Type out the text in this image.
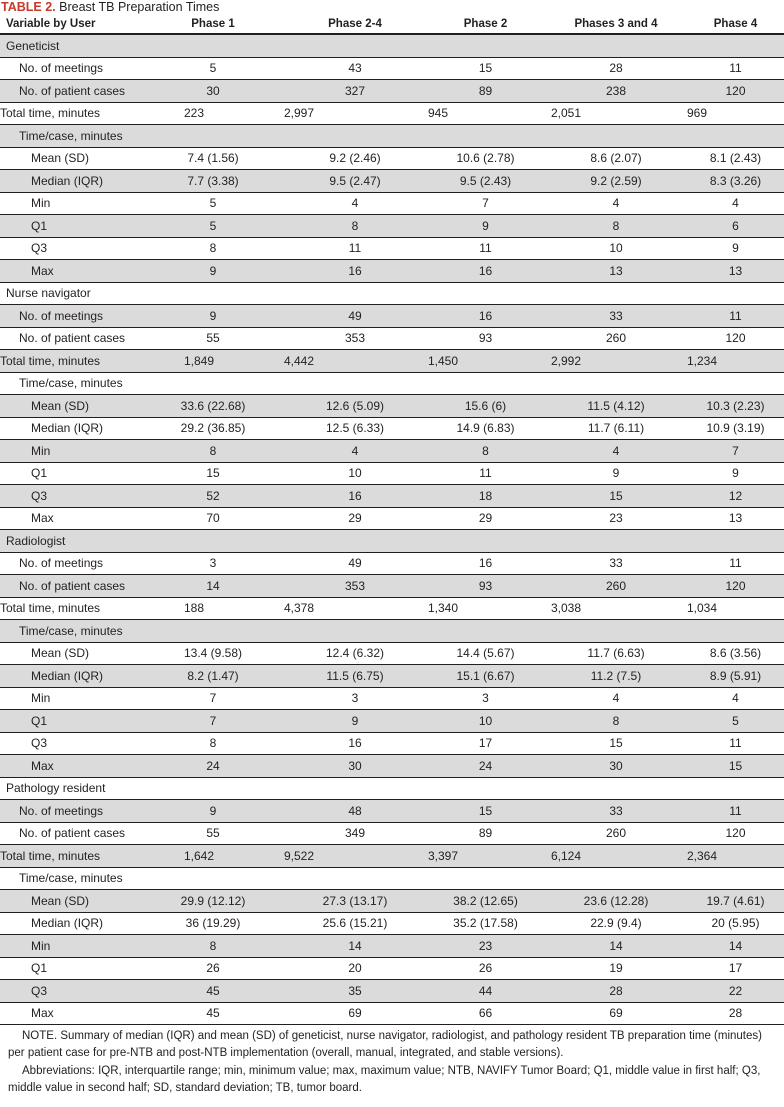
TABLE 2. Breast TB Preparation Times
Variable by User	Phase 1	Phase 2-4	Phase 2	Phases 3 and 4	Phase 4
Geneticist					
No. of meetings	5	43	15	28	11
No. of patient cases	30	327	89	238	120
Total time, minutes	223	2,997	945	2,051	969
Time/case, minutes					
Mean (SD)	7.4 (1.56)	9.2 (2.46)	10.6 (2.78)	8.6 (2.07)	8.1 (2.43)
Median (IQR)	7.7 (3.38)	9.5 (2.47)	9.5 (2.43)	9.2 (2.59)	8.3 (3.26)
Min	5	4	7	4	4
Q1	5	8	9	8	6
Q3	8	11	11	10	9
Max	9	16	16	13	13
Nurse navigator					
No. of meetings	9	49	16	33	11
No. of patient cases	55	353	93	260	120
Total time, minutes	1,849	4,442	1,450	2,992	1,234
Time/case, minutes					
Mean (SD)	33.6 (22.68)	12.6 (5.09)	15.6 (6)	11.5 (4.12)	10.3 (2.23)
Median (IQR)	29.2 (36.85)	12.5 (6.33)	14.9 (6.83)	11.7 (6.11)	10.9 (3.19)
Min	8	4	8	4	7
Q1	15	10	11	9	9
Q3	52	16	18	15	12
Max	70	29	29	23	13
Radiologist					
No. of meetings	3	49	16	33	11
No. of patient cases	14	353	93	260	120
Total time, minutes	188	4,378	1,340	3,038	1,034
Time/case, minutes					
Mean (SD)	13.4 (9.58)	12.4 (6.32)	14.4 (5.67)	11.7 (6.63)	8.6 (3.56)
Median (IQR)	8.2 (1.47)	11.5 (6.75)	15.1 (6.67)	11.2 (7.5)	8.9 (5.91)
Min	7	3	3	4	4
Q1	7	9	10	8	5
Q3	8	16	17	15	11
Max	24	30	24	30	15
Pathology resident					
No. of meetings	9	48	15	33	11
No. of patient cases	55	349	89	260	120
Total time, minutes	1,642	9,522	3,397	6,124	2,364
Time/case, minutes					
Mean (SD)	29.9 (12.12)	27.3 (13.17)	38.2 (12.65)	23.6 (12.28)	19.7 (4.61)
Median (IQR)	36 (19.29)	25.6 (15.21)	35.2 (17.58)	22.9 (9.4)	20 (5.95)
Min	8	14	23	14	14
Q1	26	20	26	19	17
Q3	45	35	44	28	22
Max	45	69	66	69	28

NOTE. Summary of median (IQR) and mean (SD) of geneticist, nurse navigator, radiologist, and pathology resident TB preparation time (minutes) per patient case for pre-NTB and post-NTB implementation (overall, manual, integrated, and stable versions).

Abbreviations: IQR, interquartile range; min, minimum value; max, maximum value; NTB, NAVIFY Tumor Board; Q1, middle value in first half; Q3, middle value in second half; SD, standard deviation; TB, tumor board.
